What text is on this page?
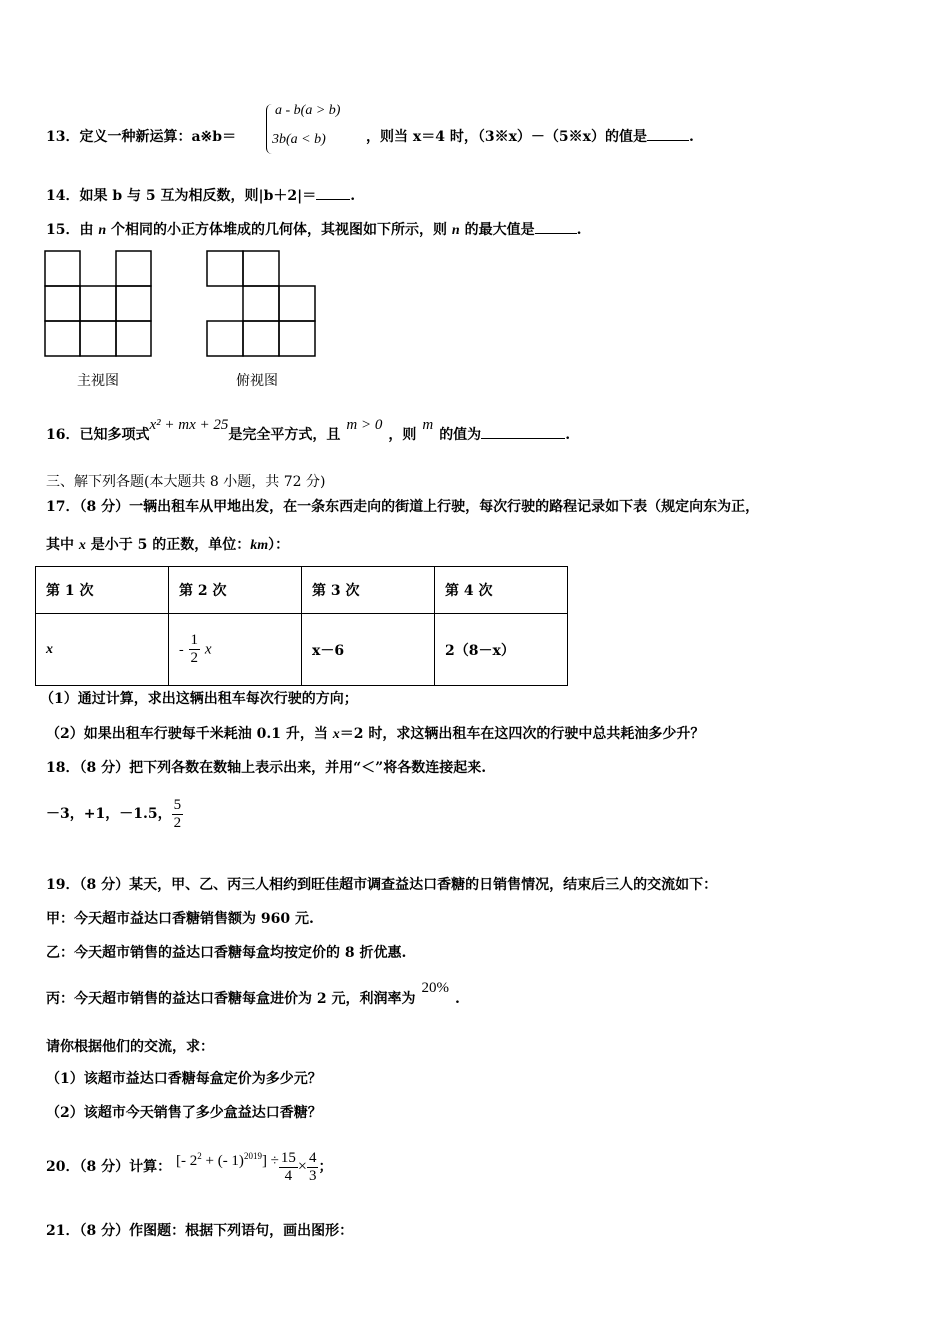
13．定义一种新运算：a※b＝
a - b(a > b)
3b(a < b)	，则当 x＝4 时，（3※x）－（5※x）的值是	.
14．如果 b 与 5 互为相反数，则|b＋2|＝ .
15．由 n 个相同的小正方体堆成的几何体，其视图如下所示，则 n 的最大值是	.
主视图	俯视图
16．已知多项式x² + mx + 25是完全平方式，且m > 0，则m的值为	.
三、解下列各题(本大题共 8 小题，共 72 分)
17．（8 分）一辆出租车从甲地出发，在一条东西走向的街道上行驶，每次行驶的路程记录如下表（规定向东为正，
其中 x 是小于 5 的正数，单位：km）：
第 1 次	第 2 次	第 3 次	第 4 次
x	- $\frac{1}{2}$ x	x－6	2（8－x）
（1）通过计算，求出这辆出租车每次行驶的方向；
（2）如果出租车行驶每千米耗油 0.1 升，当 x＝2 时，求这辆出租车在这四次的行驶中总共耗油多少升？
18．（8 分）把下列各数在数轴上表示出来，并用“＜”将各数连接起来.
－3，+1，－1.5， $\frac{5}{2}$
19．（8 分）某天，甲、乙、丙三人相约到旺佳超市调查益达口香糖的日销售情况，结束后三人的交流如下：
甲：今天超市益达口香糖销售额为 960 元.
乙：今天超市销售的益达口香糖每盒均按定价的 8 折优惠.
丙：今天超市销售的益达口香糖每盒进价为 2 元，利润率为20%.
请你根据他们的交流，求：
（1）该超市益达口香糖每盒定价为多少元？
（2）该超市今天销售了多少盒益达口香糖？
20．（8 分）计算： [- $2^2$ + (- $1)^{2019}] \div \frac{15}{4} \times \frac{4}{3}$ ；
21．（8 分）作图题：根据下列语句，画出图形：
